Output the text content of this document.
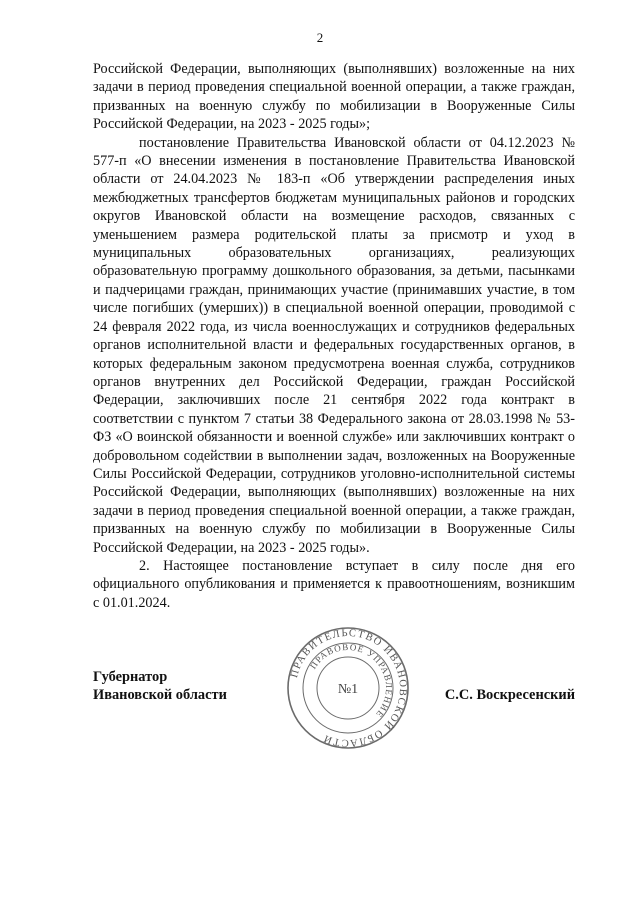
2

Российской Федерации, выполняющих (выполнявших) возложенные на них задачи в период проведения специальной военной операции, а также граждан, призванных на военную службу по мобилизации в Вооруженные Силы Российской Федерации, на 2023 - 2025 годы»;

постановление Правительства Ивановской области от 04.12.2023 № 577-п «О внесении изменения в постановление Правительства Ивановской области от 24.04.2023 № 183-п «Об утверждении распределения иных межбюджетных трансфертов бюджетам муниципальных районов и городских округов Ивановской области на возмещение расходов, связанных с уменьшением размера родительской платы за присмотр и уход в муниципальных образовательных организациях, реализующих образовательную программу дошкольного образования, за детьми, пасынками и падчерицами граждан, принимающих участие (принимавших участие, в том числе погибших (умерших)) в специальной военной операции, проводимой с 24 февраля 2022 года, из числа военнослужащих и сотрудников федеральных органов исполнительной власти и федеральных государственных органов, в которых федеральным законом предусмотрена военная служба, сотрудников органов внутренних дел Российской Федерации, граждан Российской Федерации, заключивших после 21 сентября 2022 года контракт в соответствии с пунктом 7 статьи 38 Федерального закона от 28.03.1998 № 53-ФЗ «О воинской обязанности и военной службе» или заключивших контракт о добровольном содействии в выполнении задач, возложенных на Вооруженные Силы Российской Федерации, сотрудников уголовно-исполнительной системы Российской Федерации, выполняющих (выполнявших) возложенные на них задачи в период проведения специальной военной операции, а также граждан, призванных на военную службу по мобилизации в Вооруженные Силы Российской Федерации, на 2023 - 2025 годы».

2. Настоящее постановление вступает в силу после дня его официального опубликования и применяется к правоотношениям, возникшим с 01.01.2024.

Губернатор
Ивановской области	С.С. Воскресенский
ПРАВИТЕЛЬСТВО ИВАНОВСКОЙ ОБЛАСТИ
ПРАВОВОЕ УПРАВЛЕНИЕ
№1
